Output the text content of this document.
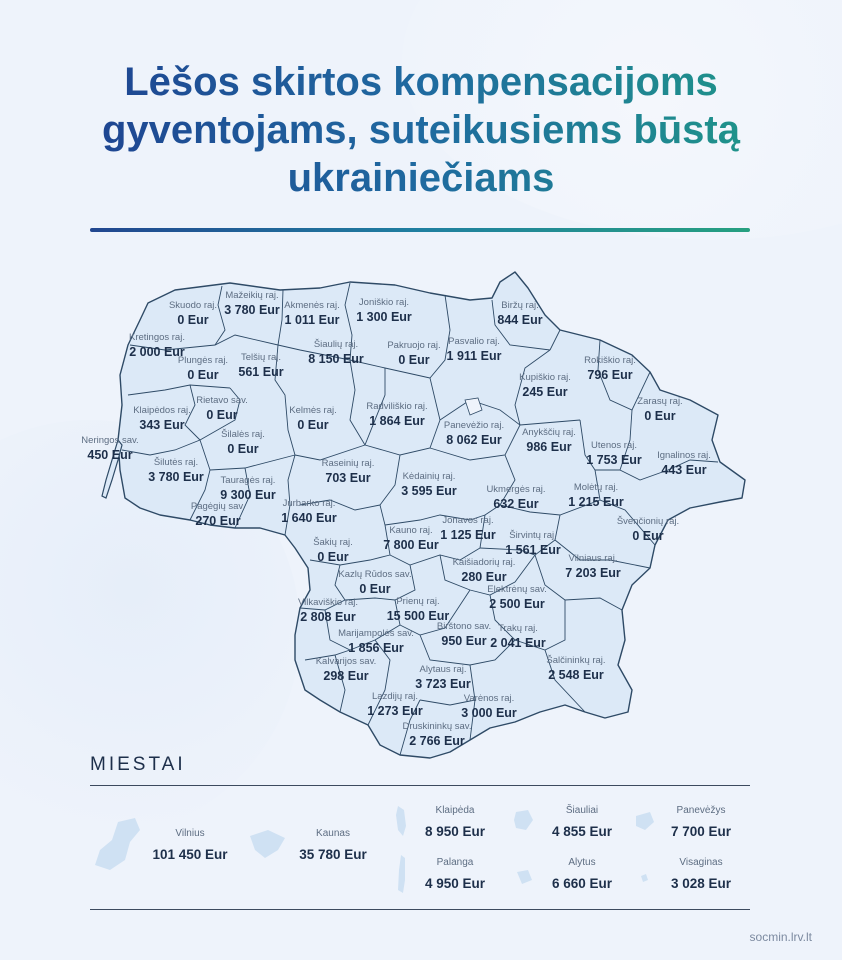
Lėšos skirtos kompensacijoms
gyventojams, suteikusiems būstą
ukrainiečiams
Skuodo raj.
0 Eur
Mažeikių raj.
3 780 Eur Akmenės raj.
1 011 Eur
Joniškio raj.
1 300 Eur
Biržų raj.
844 Eur
Kretingos raj.
2 000 Eur
Plungės raj.
0 Eur
Telšių raj.
561 Eur
Šiaulių raj.
8 150 Eur
Pakruojo raj.
0 Eur
Pasvalio raj.
1 911 Eur	Rokiškio raj.
796 Eur
Kupiškio raj.
245 Eur
Rietavo sav.
0 Eur
Klaipėdos raj.
343 Eur
Kelmės raj.
0 Eur
Radviliškio raj.
1 864 Eur Panevėžio raj.
8 062 Eur
Zarasų raj.
0 Eur
Neringos sav.
450 Eur
Šilalės raj.
0 Eur
Anykščių raj.
986 Eur Utenos raj.
1 753 Eur Ignalinos raj.
443 Eur
Šilutės raj.
3 780 Eur
Raseinių raj.
703 Eur	Kėdainių raj.
3 595 Eur
Tauragės raj.
9 300 Eur	Ukmergės raj.
632 Eur
Molėtų raj.
1 215 Eur
Pagėgių sav.
270 Eur
Jurbarko raj.
1 640 Eur	Švenčionių raj.
0 Eur
Jonavos raj.
1 125 Eur
Kauno raj.
7 800 Eur
Širvintų raj.
1 561 Eur
Šakių raj.
0 Eur	Kaišiadorių raj.
280 Eur
Vilniaus raj.
7 203 Eur
Kazlų Rūdos sav.
0 Eur	Elektrėnų sav.
2 500 Eur
Vilkaviškio raj.
2 808 Eur
Prienų raj.
15 500 Eur
Birštono sav.
950 Eur
Marijampolės sav.
1 856 Eur
Trakų raj.
2 041 Eur
Šalčininkų raj.
2 548 Eur
Kalvarijos sav.
298 Eur	Alytaus raj.
3 723 Eur
Lazdijų raj.
1 273 Eur
Varėnos raj.
3 000 Eur
Druskininkų sav.
2 766 Eur
MIESTAI
Vilnius
101 450 Eur
Kaunas
35 780 Eur
Klaipėda
8 950 Eur
Šiauliai
4 855 Eur
Panevėžys
7 700 Eur
Palanga
4 950 Eur
Alytus
6 660 Eur
Visaginas
3 028 Eur
socmin.lrv.lt
